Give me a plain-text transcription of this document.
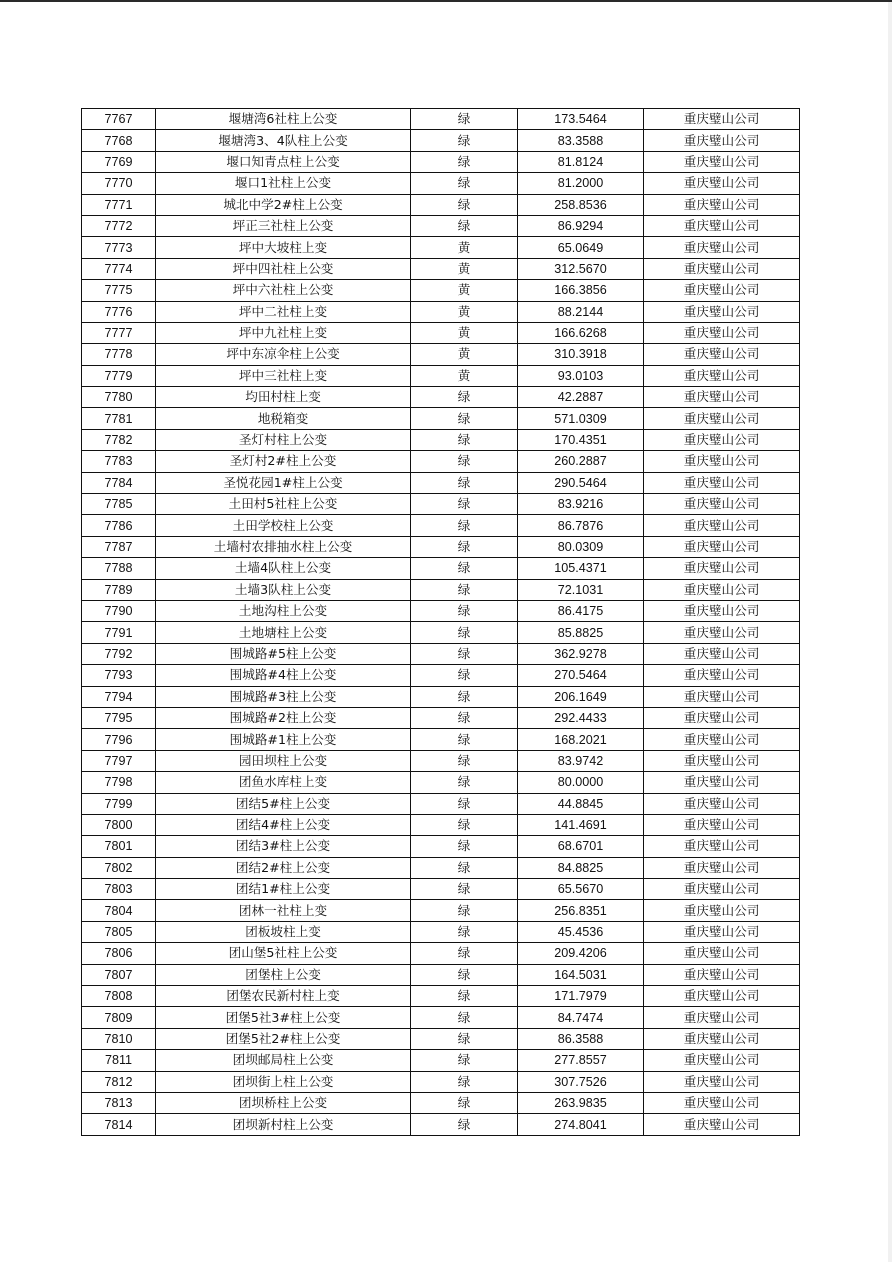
7767	堰塘湾6社柱上公变	绿	173.5464	重庆璧山公司
7768	堰塘湾3、4队柱上公变	绿	83.3588	重庆璧山公司
7769	堰口知青点柱上公变	绿	81.8124	重庆璧山公司
7770	堰口1社柱上公变	绿	81.2000	重庆璧山公司
7771	城北中学2#柱上公变	绿	258.8536	重庆璧山公司
7772	坪正三社柱上公变	绿	86.9294	重庆璧山公司
7773	坪中大坡柱上变	黄	65.0649	重庆璧山公司
7774	坪中四社柱上公变	黄	312.5670	重庆璧山公司
7775	坪中六社柱上公变	黄	166.3856	重庆璧山公司
7776	坪中二社柱上变	黄	88.2144	重庆璧山公司
7777	坪中九社柱上变	黄	166.6268	重庆璧山公司
7778	坪中东凉伞柱上公变	黄	310.3918	重庆璧山公司
7779	坪中三社柱上变	黄	93.0103	重庆璧山公司
7780	均田村柱上变	绿	42.2887	重庆璧山公司
7781	地税箱变	绿	571.0309	重庆璧山公司
7782	圣灯村柱上公变	绿	170.4351	重庆璧山公司
7783	圣灯村2#柱上公变	绿	260.2887	重庆璧山公司
7784	圣悦花园1#柱上公变	绿	290.5464	重庆璧山公司
7785	土田村5社柱上公变	绿	83.9216	重庆璧山公司
7786	土田学校柱上公变	绿	86.7876	重庆璧山公司
7787	土墙村农排抽水柱上公变	绿	80.0309	重庆璧山公司
7788	土墙4队柱上公变	绿	105.4371	重庆璧山公司
7789	土墙3队柱上公变	绿	72.1031	重庆璧山公司
7790	土地沟柱上公变	绿	86.4175	重庆璧山公司
7791	土地塘柱上公变	绿	85.8825	重庆璧山公司
7792	围城路#5柱上公变	绿	362.9278	重庆璧山公司
7793	围城路#4柱上公变	绿	270.5464	重庆璧山公司
7794	围城路#3柱上公变	绿	206.1649	重庆璧山公司
7795	围城路#2柱上公变	绿	292.4433	重庆璧山公司
7796	围城路#1柱上公变	绿	168.2021	重庆璧山公司
7797	园田坝柱上公变	绿	83.9742	重庆璧山公司
7798	团鱼水库柱上变	绿	80.0000	重庆璧山公司
7799	团结5#柱上公变	绿	44.8845	重庆璧山公司
7800	团结4#柱上公变	绿	141.4691	重庆璧山公司
7801	团结3#柱上公变	绿	68.6701	重庆璧山公司
7802	团结2#柱上公变	绿	84.8825	重庆璧山公司
7803	团结1#柱上公变	绿	65.5670	重庆璧山公司
7804	团林一社柱上变	绿	256.8351	重庆璧山公司
7805	团板坡柱上变	绿	45.4536	重庆璧山公司
7806	团山堡5社柱上公变	绿	209.4206	重庆璧山公司
7807	团堡柱上公变	绿	164.5031	重庆璧山公司
7808	团堡农民新村柱上变	绿	171.7979	重庆璧山公司
7809	团堡5社3#柱上公变	绿	84.7474	重庆璧山公司
7810	团堡5社2#柱上公变	绿	86.3588	重庆璧山公司
7811	团坝邮局柱上公变	绿	277.8557	重庆璧山公司
7812	团坝街上柱上公变	绿	307.7526	重庆璧山公司
7813	团坝桥柱上公变	绿	263.9835	重庆璧山公司
7814	团坝新村柱上公变	绿	274.8041	重庆璧山公司
